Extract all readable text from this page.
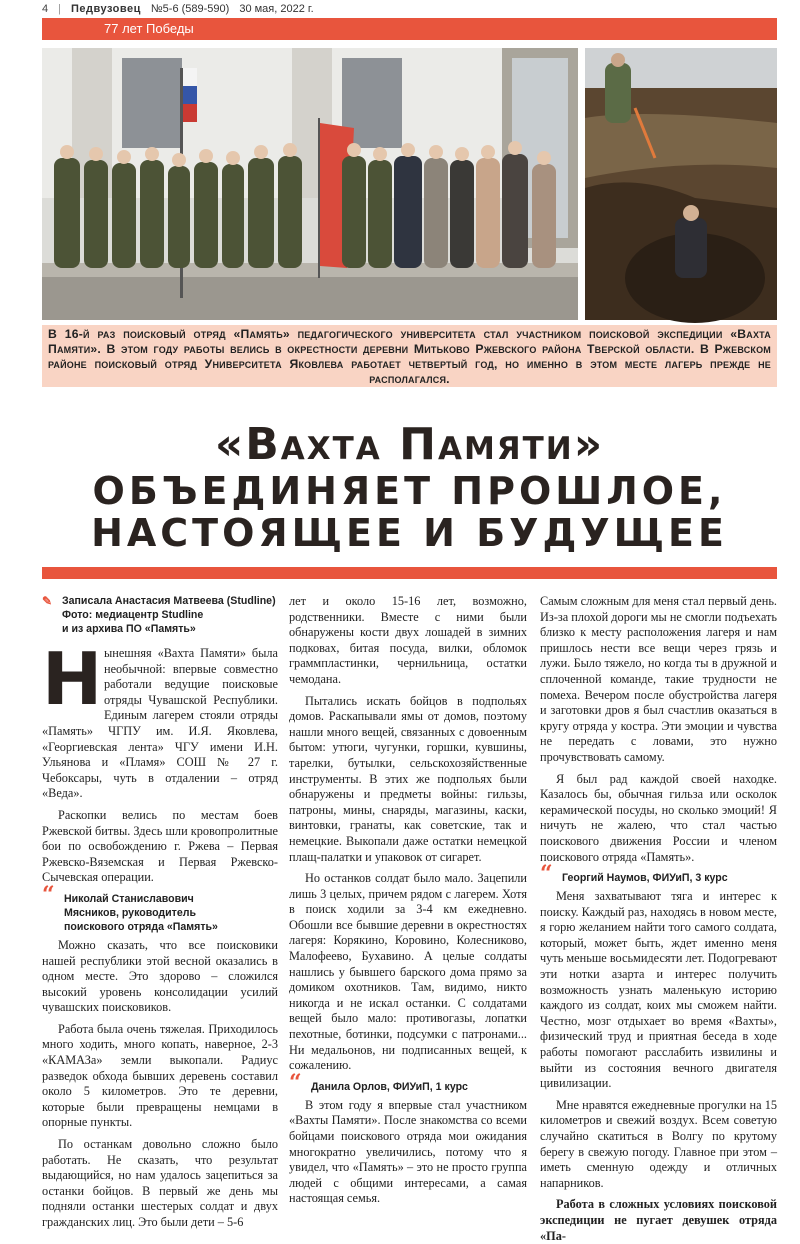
4 | Педвузовец №5-6 (589-590) 30 мая, 2022 г.
77 лет Победы
В 16-й раз поисковый отряд «Память» педагогического университета стал участником поисковой экспедиции «Вахта Памяти». В этом году работы велись в окрестности деревни Митьково Ржевского района Тверской области. В Ржевском районе поисковый отряд Университета Яковлева работает четвертый год, но именно в этом месте лагерь прежде не располагался.
«Вахта Памяти»
ОБЪЕДИНЯЕТ ПРОШЛОЕ,
НАСТОЯЩЕЕ И БУДУЩЕЕ
✎ Записала Анастасия Матвеева (Studline)
Фото: медиацентр Studline
и из архива ПО «Память»
Н ынешняя «Вахта Памяти» была необычной: впервые совместно работали ведущие поисковые отряды Чувашской Республики. Единым лагерем стояли отряды «Память» ЧГПУ им. И.Я. Яковлева, «Георгиевская лента» ЧГУ имени И.Н. Ульянова и «Пламя» СОШ № 27 г. Чебоксары, чуть в отдалении – отряд «Веда».

Раскопки велись по местам боев Ржевской битвы. Здесь шли кровопролитные бои по освобождению г. Ржева – Первая Ржевско-Вяземская и Первая Ржевско-Сычевская операции.

“ Николай Станиславович
Мясников, руководитель
поискового отряда «Память»

Можно сказать, что все поисковики нашей республики этой весной оказались в одном месте. Это здорово – сложился высокий уровень консолидации усилий чувашских поисковиков.

Работа была очень тяжелая. Приходилось много ходить, много копать, наверное, 2-3 «КАМАЗа» земли выкопали. Радиус разведок обхода бывших деревень составил около 5 километров. Это те деревни, которые были превращены немцами в опорные пункты.

По останкам довольно сложно было работать. Не сказать, что результат выдающийся, но нам удалось зацепиться за останки бойцов. В первый же день мы подняли останки шестерых солдат и двух гражданских лиц. Это были дети – 5-6

лет и около 15-16 лет, возможно, родственники. Вместе с ними были обнаружены кости двух лошадей в зимних подковах, битая посуда, вилки, обломок граммпластинки, чернильница, остатки чемодана.

Пытались искать бойцов в подпольях домов. Раскапывали ямы от домов, поэтому нашли много вещей, связанных с довоенным бытом: утюги, чугунки, горшки, кувшины, тарелки, бутылки, сельскохозяйственные инструменты. В этих же подпольях были обнаружены и предметы войны: гильзы, патроны, мины, снаряды, магазины, каски, винтовки, гранаты, как советские, так и немецкие. Выкопали даже остатки немецкой плащ-палатки и упаковок от сигарет.

Но останков солдат было мало. Зацепили лишь 3 целых, причем рядом с лагерем. Хотя в поиск ходили за 3-4 км ежедневно. Обошли все бывшие деревни в окрестностях лагеря: Корякино, Коровино, Колесниково, Малофеево, Бухавино. А целые солдаты нашлись у бывшего барского дома прямо за домиком охотников. Там, видимо, никто никогда и не искал останки. С солдатами вещей было мало: противогазы, лопатки пехотные, ботинки, подсумки с патронами... Ни медальонов, ни подписанных вещей, к сожалению.

“ Данила Орлов, ФИУиП, 1 курс

В этом году я впервые стал участником «Вахты Памяти». После знакомства со всеми бойцами поискового отряда мои ожидания многократно увеличились, потому что я увидел, что «Память» – это не просто группа людей с общими интересами, а самая настоящая семья.

Самым сложным для меня стал первый день. Из-за плохой дороги мы не смогли подъехать близко к месту расположения лагеря и нам пришлось нести все вещи через грязь и лужи. Было тяжело, но когда ты в дружной и сплоченной команде, такие трудности не помеха. Вечером после обустройства лагеря и заготовки дров я был счастлив оказаться в кругу отряда у костра. Эти эмоции и чувства не передать с ловами, это нужно прочувствовать самому.

Я был рад каждой своей находке. Казалось бы, обычная гильза или осколок керамической посуды, но сколько эмоций! Я ничуть не жалею, что стал частью поискового движения России и членом поискового отряда «Память».

“ Георгий Наумов, ФИУиП, 3 курс

Меня захватывают тяга и интерес к поиску. Каждый раз, находясь в новом месте, я горю желанием найти того самого солдата, который, может быть, ждет именно меня чуть меньше восьмидесяти лет. Подогревают эти нотки азарта и интерес получить возможность узнать маленькую историю каждого из солдат, коих мы сможем найти. Честно, мозг отдыхает во время «Вахты», физический труд и приятная беседа в ходе работы помогают расслабить извилины и выйти из состояния вечного двигателя цивилизации.

Мне нравятся ежедневные прогулки на 15 километров и свежий воздух. Всем советую случайно скатиться в Волгу по крутому берегу в свежую погоду. Главное при этом – иметь сменную одежду и отличных напарников.

Работа в сложных условиях поисковой экспедиции не пугает девушек отряда «Па-
